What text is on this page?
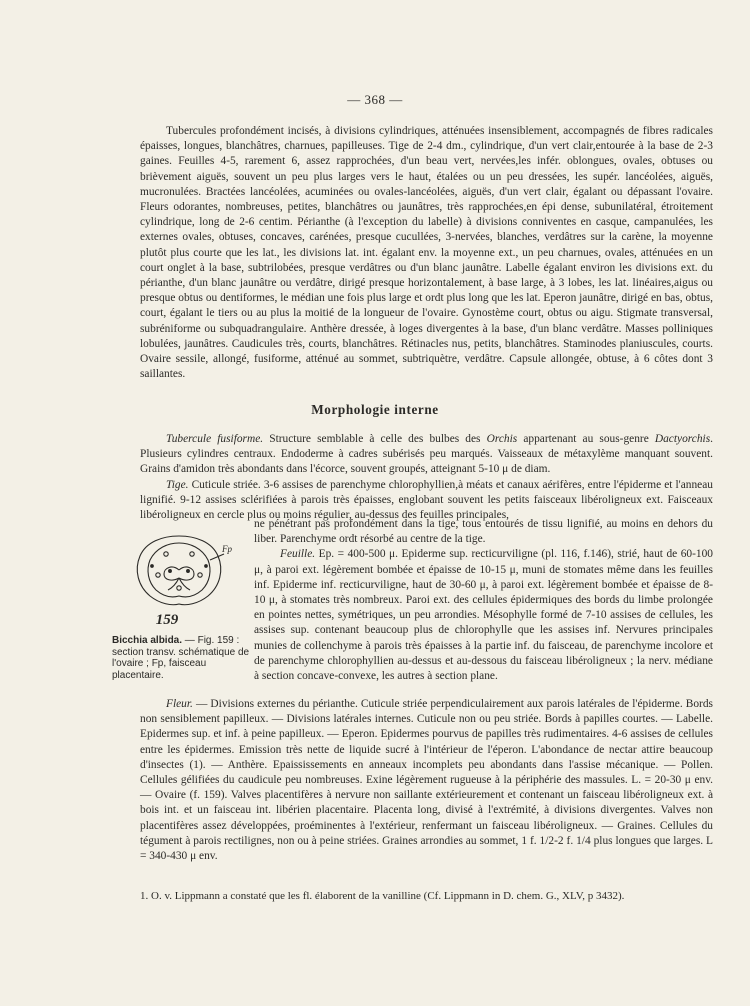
— 368 —

Tubercules profondément incisés, à divisions cylindriques, atténuées insensiblement, accompagnés de fibres radicales épaisses, longues, blanchâtres, charnues, papilleuses. Tige de 2-4 dm., cylindrique, d'un vert clair,entourée à la base de 2-3 gaines. Feuilles 4-5, rarement 6, assez rapprochées, d'un beau vert, nervées,les infér. oblongues, ovales, obtuses ou brièvement aiguës, souvent un peu plus larges vers le haut, étalées ou un peu dressées, les supér. lancéolées, aiguës, mucronulées. Bractées lancéolées, acuminées ou ovales-lancéolées, aiguës, d'un vert clair, égalant ou dépassant l'ovaire. Fleurs odorantes, nombreuses, petites, blanchâtres ou jaunâtres, très rapprochées,en épi dense, subunilatéral, étroitement cylindrique, long de 2-6 centim. Périanthe (à l'exception du labelle) à divisions conniventes en casque, campanulées, les externes ovales, obtuses, concaves, carénées, presque cucullées, 3-nervées, blanches, verdâtres sur la carène, la moyenne plutôt plus courte que les lat., les divisions lat. int. égalant env. la moyenne ext., un peu charnues, ovales, atténuées en un court onglet à la base, subtrilobées, presque verdâtres ou d'un blanc jaunâtre. Labelle égalant environ les divisions ext. du périanthe, d'un blanc jaunâtre ou verdâtre, dirigé presque horizontalement, à base large, à 3 lobes, les lat. linéaires,aigus ou presque obtus ou dentiformes, le médian une fois plus large et ordt plus long que les lat. Eperon jaunâtre, dirigé en bas, obtus, court, égalant le tiers ou au plus la moitié de la longueur de l'ovaire. Gynostème court, obtus ou aigu. Stigmate transversal, subréniforme ou subquadrangulaire. Anthère dressée, à loges divergentes à la base, d'un blanc verdâtre. Masses polliniques lobulées, jaunâtres. Caudicules très, courts, blanchâtres. Rétinacles nus, petits, blanchâtres. Staminodes planiuscules, courts. Ovaire sessile, allongé, fusiforme, atténué au sommet, subtriquètre, verdâtre. Capsule allongée, obtuse, à 6 côtes dont 3 saillantes.

Morphologie interne

Tubercule fusiforme. Structure semblable à celle des bulbes des Orchis appartenant au sous-genre Dactyorchis. Plusieurs cylindres centraux. Endoderme à cadres subérisés peu marqués. Vaisseaux de métaxylème manquant souvent. Grains d'amidon très abondants dans l'écorce, souvent groupés, atteignant 5-10 μ de diam.

Tige. Cuticule striée. 3-6 assises de parenchyme chlorophyllien,à méats et canaux aérifères, entre l'épiderme et l'anneau lignifié. 9-12 assises sclérifiées à parois très épaisses, englobant souvent les petits faisceaux libéroligneux ext. Faisceaux libéroligneux en cercle plus ou moins régulier, au-dessus des feuilles principales,

ne pénétrant pas profondément dans la tige, tous entourés de tissu lignifié, au moins en dehors du liber. Parenchyme ordt résorbé au centre de la tige.

Feuille. Ep. = 400-500 μ. Epiderme sup. recticurviligne (pl. 116, f.146), strié, haut de 60-100 μ, à paroi ext. légèrement bombée et épaisse de 10-15 μ, muni de stomates même dans les feuilles inf. Epiderme inf. recticurviligne, haut de 30-60 μ, à paroi ext. légèrement bombée et épaisse de 8-10 μ, à stomates très nombreux. Paroi ext. des cellules épidermiques des bords du limbe prolongée en pointes nettes, symétriques, un peu arrondies. Mésophylle formé de 7-10 assises de cellules, les assises sup. contenant beaucoup plus de chlorophylle que les assises inf. Nervures principales munies de collenchyme à parois très épaisses à la partie inf. du faisceau, de parenchyme incolore et de parenchyme chlorophyllien au-dessus et au-dessous du faisceau libéroligneux ; la nerv. médiane à section concave-convexe, les autres à section plane.

Fp
159
Bicchia albida. — Fig. 159 : section transv. schématique de l'ovaire ; Fp, faisceau placentaire.

Fleur. — Divisions externes du périanthe. Cuticule striée perpendiculairement aux parois latérales de l'épiderme. Bords non sensiblement papilleux. — Divisions latérales internes. Cuticule non ou peu striée. Bords à papilles courtes. — Labelle. Epidermes sup. et inf. à peine papilleux. — Eperon. Epidermes pourvus de papilles très rudimentaires. 4-6 assises de cellules entre les épidermes. Emission très nette de liquide sucré à l'intérieur de l'éperon. L'abondance de nectar attire beaucoup d'insectes (1). — Anthère. Epaississements en anneaux incomplets peu abondants dans l'assise mécanique. — Pollen. Cellules gélifiées du caudicule peu nombreuses. Exine légèrement rugueuse à la périphérie des massules. L. = 20-30 μ env. — Ovaire (f. 159). Valves placentifères à nervure non saillante extérieurement et contenant un faisceau libéroligneux ext. à bois int. et un faisceau int. libérien placentaire. Placenta long, divisé à l'extrémité, à divisions divergentes. Valves non placentifères assez développées, proéminentes à l'extérieur, renfermant un faisceau libéroligneux. — Graines. Cellules du tégument à parois rectilignes, non ou à peine striées. Graines arrondies au sommet, 1 f. 1/2-2 f. 1/4 plus longues que larges. L = 340-430 μ env.

1. O. v. Lippmann a constaté que les fl. élaborent de la vanilline (Cf. Lippmann in D. chem. G., XLV, p 3432).
